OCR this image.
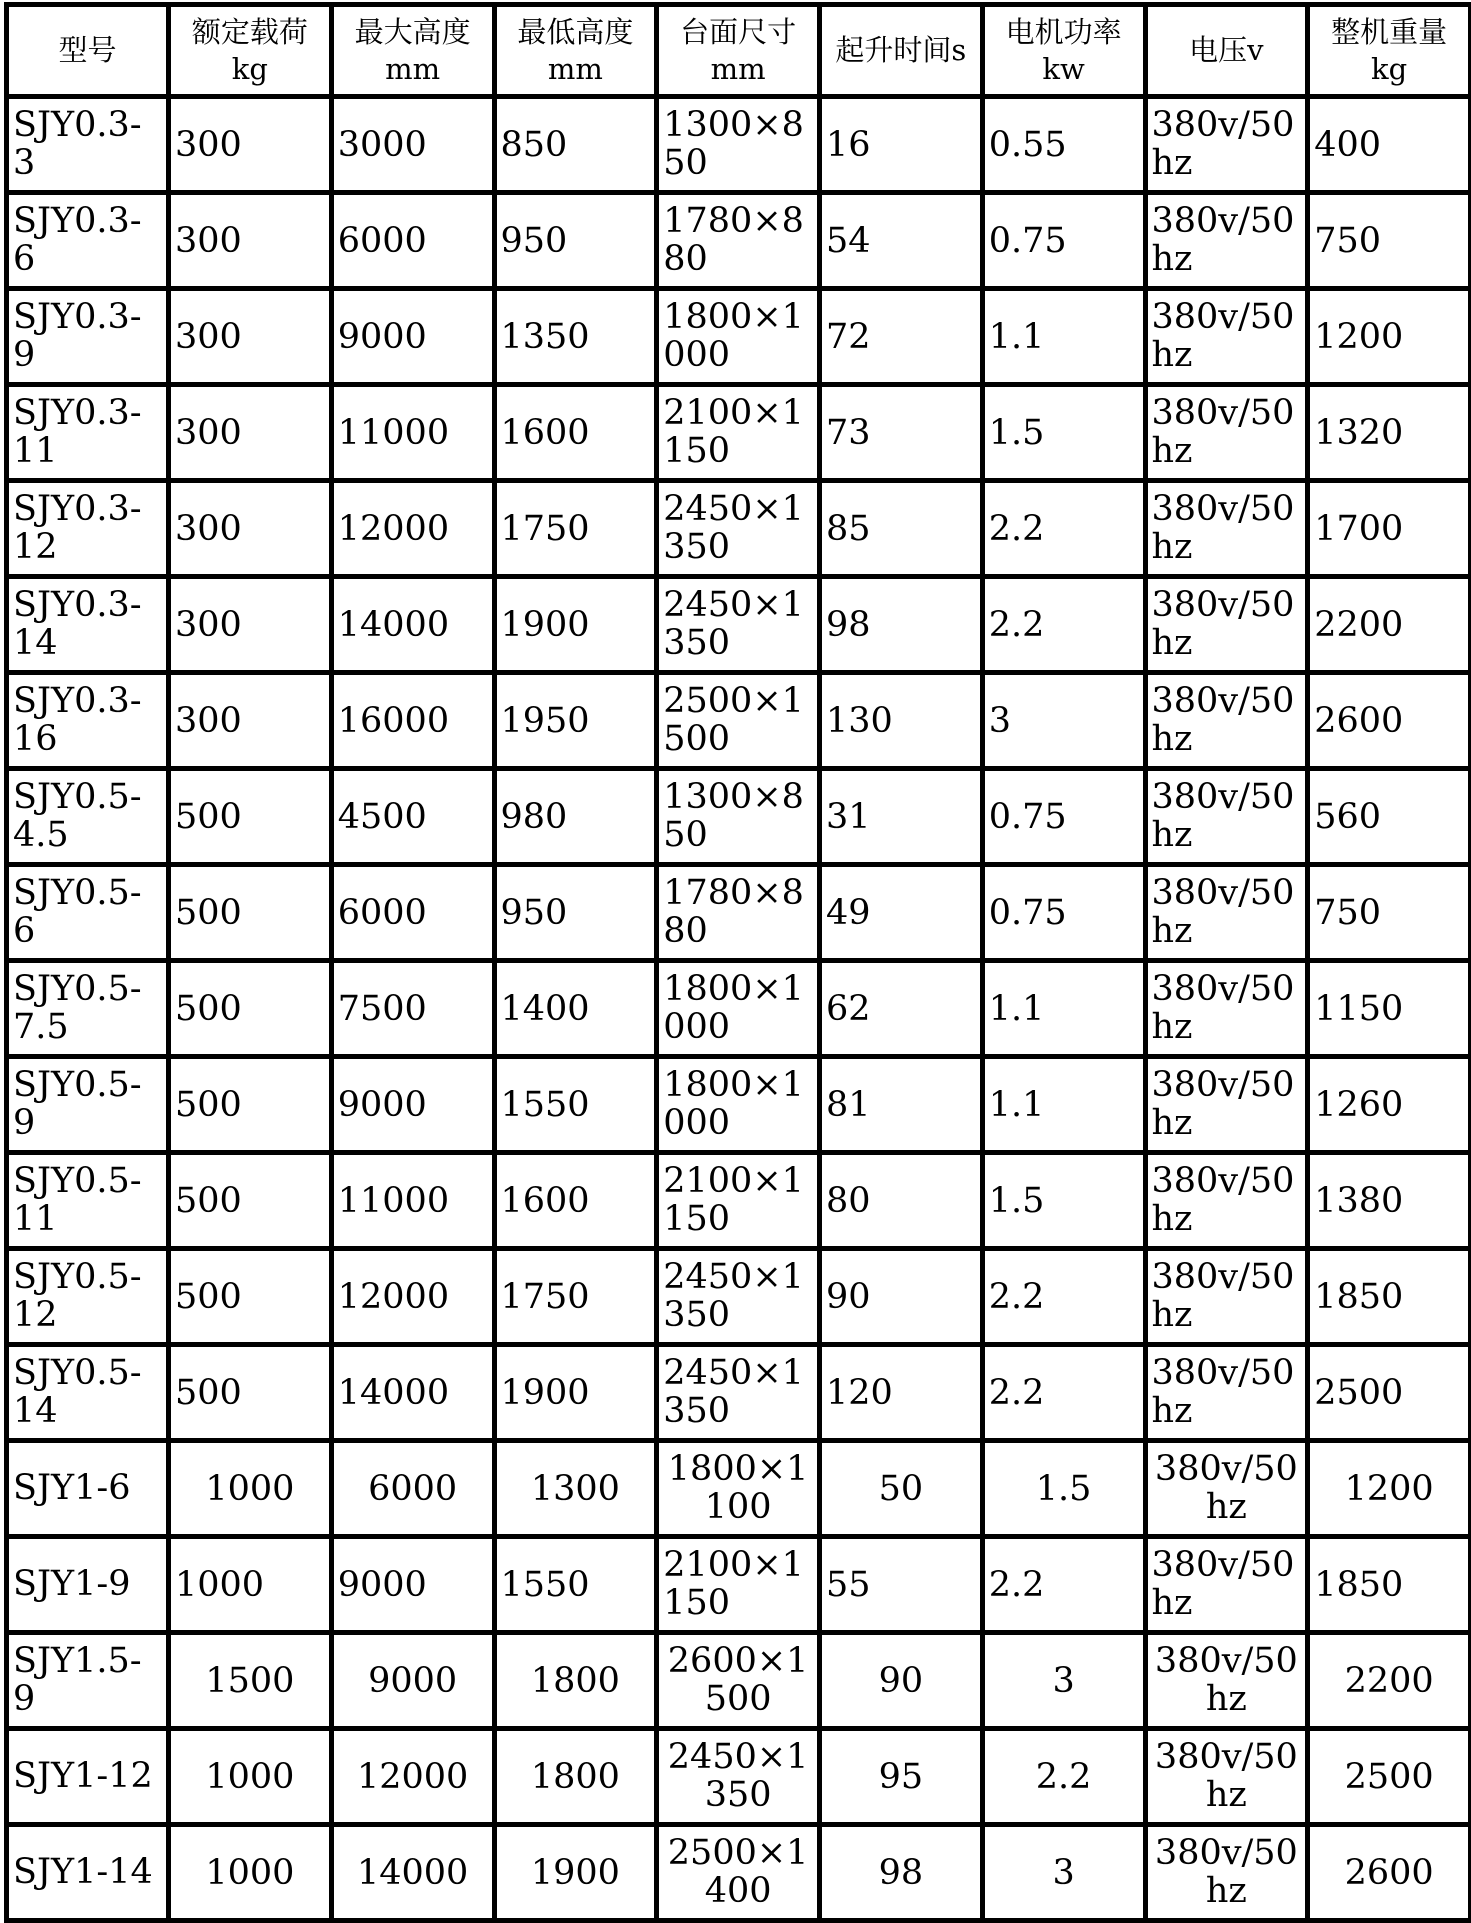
型号	额定载荷kg	最大高度mm	最低高度mm	台面尺寸mm	起升时间s	电机功率kw	电压v	整机重量kg
SJY0.3-3	300	3000	850	1300×850	16	0.55	380v/50hz	400
SJY0.3-6	300	6000	950	1780×880	54	0.75	380v/50hz	750
SJY0.3-9	300	9000	1350	1800×1000	72	1.1	380v/50hz	1200
SJY0.3-11	300	11000	1600	2100×1150	73	1.5	380v/50hz	1320
SJY0.3-12	300	12000	1750	2450×1350	85	2.2	380v/50hz	1700
SJY0.3-14	300	14000	1900	2450×1350	98	2.2	380v/50hz	2200
SJY0.3-16	300	16000	1950	2500×1500	130	3	380v/50hz	2600
SJY0.5-4.5	500	4500	980	1300×850	31	0.75	380v/50hz	560
SJY0.5-6	500	6000	950	1780×880	49	0.75	380v/50hz	750
SJY0.5-7.5	500	7500	1400	1800×1000	62	1.1	380v/50hz	1150
SJY0.5-9	500	9000	1550	1800×1000	81	1.1	380v/50hz	1260
SJY0.5-11	500	11000	1600	2100×1150	80	1.5	380v/50hz	1380
SJY0.5-12	500	12000	1750	2450×1350	90	2.2	380v/50hz	1850
SJY0.5-14	500	14000	1900	2450×1350	120	2.2	380v/50hz	2500
SJY1-6	1000	6000	1300	1800×1100	50	1.5	380v/50hz	1200
SJY1-9	1000	9000	1550	2100×1150	55	2.2	380v/50hz	1850
SJY1.5-9	1500	9000	1800	2600×1500	90	3	380v/50hz	2200
SJY1-12	1000	12000	1800	2450×1350	95	2.2	380v/50hz	2500
SJY1-14	1000	14000	1900	2500×1400	98	3	380v/50hz	2600
